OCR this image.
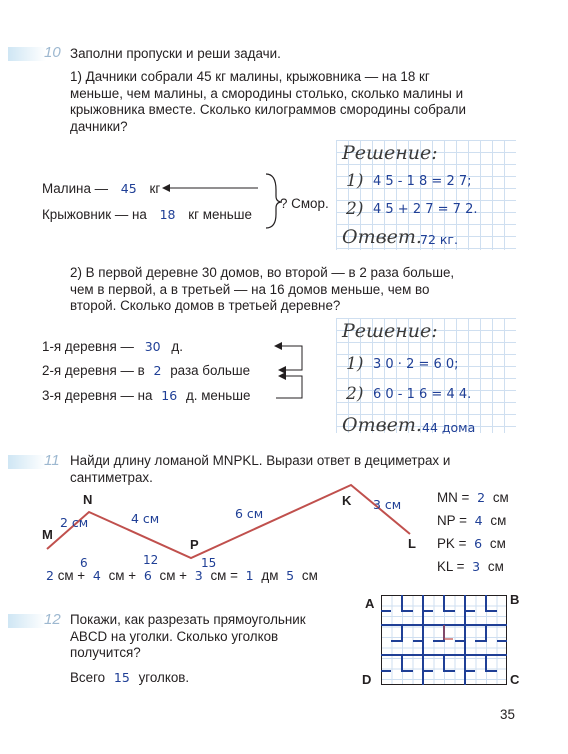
10 Заполни пропуски и реши задачи.
1) Дачники собрали 45 кг малины, крыжовника — на 18 кг
меньше, чем малины, а смородины столько, сколько малины и
крыжовника вместе. Сколько килограммов смородины собрали
дачники?
Малина — 45 кг
Крыжовник — на 18 кг меньше
? Смор.
Решение:
1) 4 5 - 1 8 = 2 7;
2) 4 5 + 2 7 = 7 2.
Ответ.
72 кг.
2) В первой деревне 30 домов, во второй — в 2 раза больше,
чем в первой, а в третьей — на 16 домов меньше, чем во
второй. Сколько домов в третьей деревне?
1-я деревня — 30 д.
2-я деревня — в 2 раза больше
3-я деревня — на 16 д. меньше
Решение:
1) 3 0 · 2 = 6 0;
2) 6 0 - 1 6 = 4 4.
Ответ. 44 дома
11 Найди длину ломаной MNPKL. Вырази ответ в дециметрах и
сантиметрах.
M
N
P
K
L
2 см	4 см	6 см
3 см	MN = 2 см
NP = 4 см
PK = 6 см
KL = 3 см
6	12	15
2 см + 4 см + 6 см + 3 см = 1 дм 5 см
12 Покажи, как разрезать прямоугольник
ABCD на уголки. Сколько уголков
получится?
Всего 15 уголков.
A	B
C
D
35
